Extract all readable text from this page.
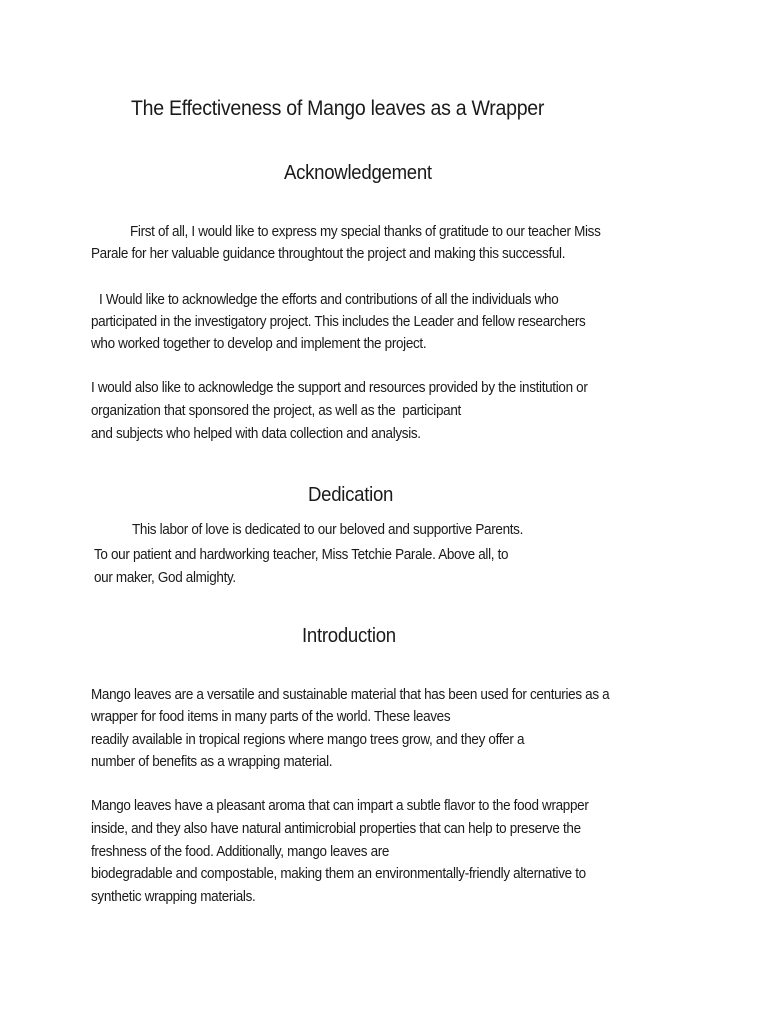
The Effectiveness of Mango leaves as a Wrapper
Acknowledgement
First of all, I would like to express my special thanks of gratitude to our teacher Miss
Parale for her valuable guidance throughtout the project and making this successful.
I Would like to acknowledge the efforts and contributions of all the individuals who
participated in the investigatory project. This includes the Leader and fellow researchers
who worked together to develop and implement the project.
I would also like to acknowledge the support and resources provided by the institution or
organization that sponsored the project, as well as the  participant
and subjects who helped with data collection and analysis.
Dedication
This labor of love is dedicated to our beloved and supportive Parents.
To our patient and hardworking teacher, Miss Tetchie Parale. Above all, to
our maker, God almighty.
Introduction
Mango leaves are a versatile and sustainable material that has been used for centuries as a
wrapper for food items in many parts of the world. These leaves
readily available in tropical regions where mango trees grow, and they offer a
number of benefits as a wrapping material.
Mango leaves have a pleasant aroma that can impart a subtle flavor to the food wrapper
inside, and they also have natural antimicrobial properties that can help to preserve the
freshness of the food. Additionally, mango leaves are
biodegradable and compostable, making them an environmentally-friendly alternative to
synthetic wrapping materials.
